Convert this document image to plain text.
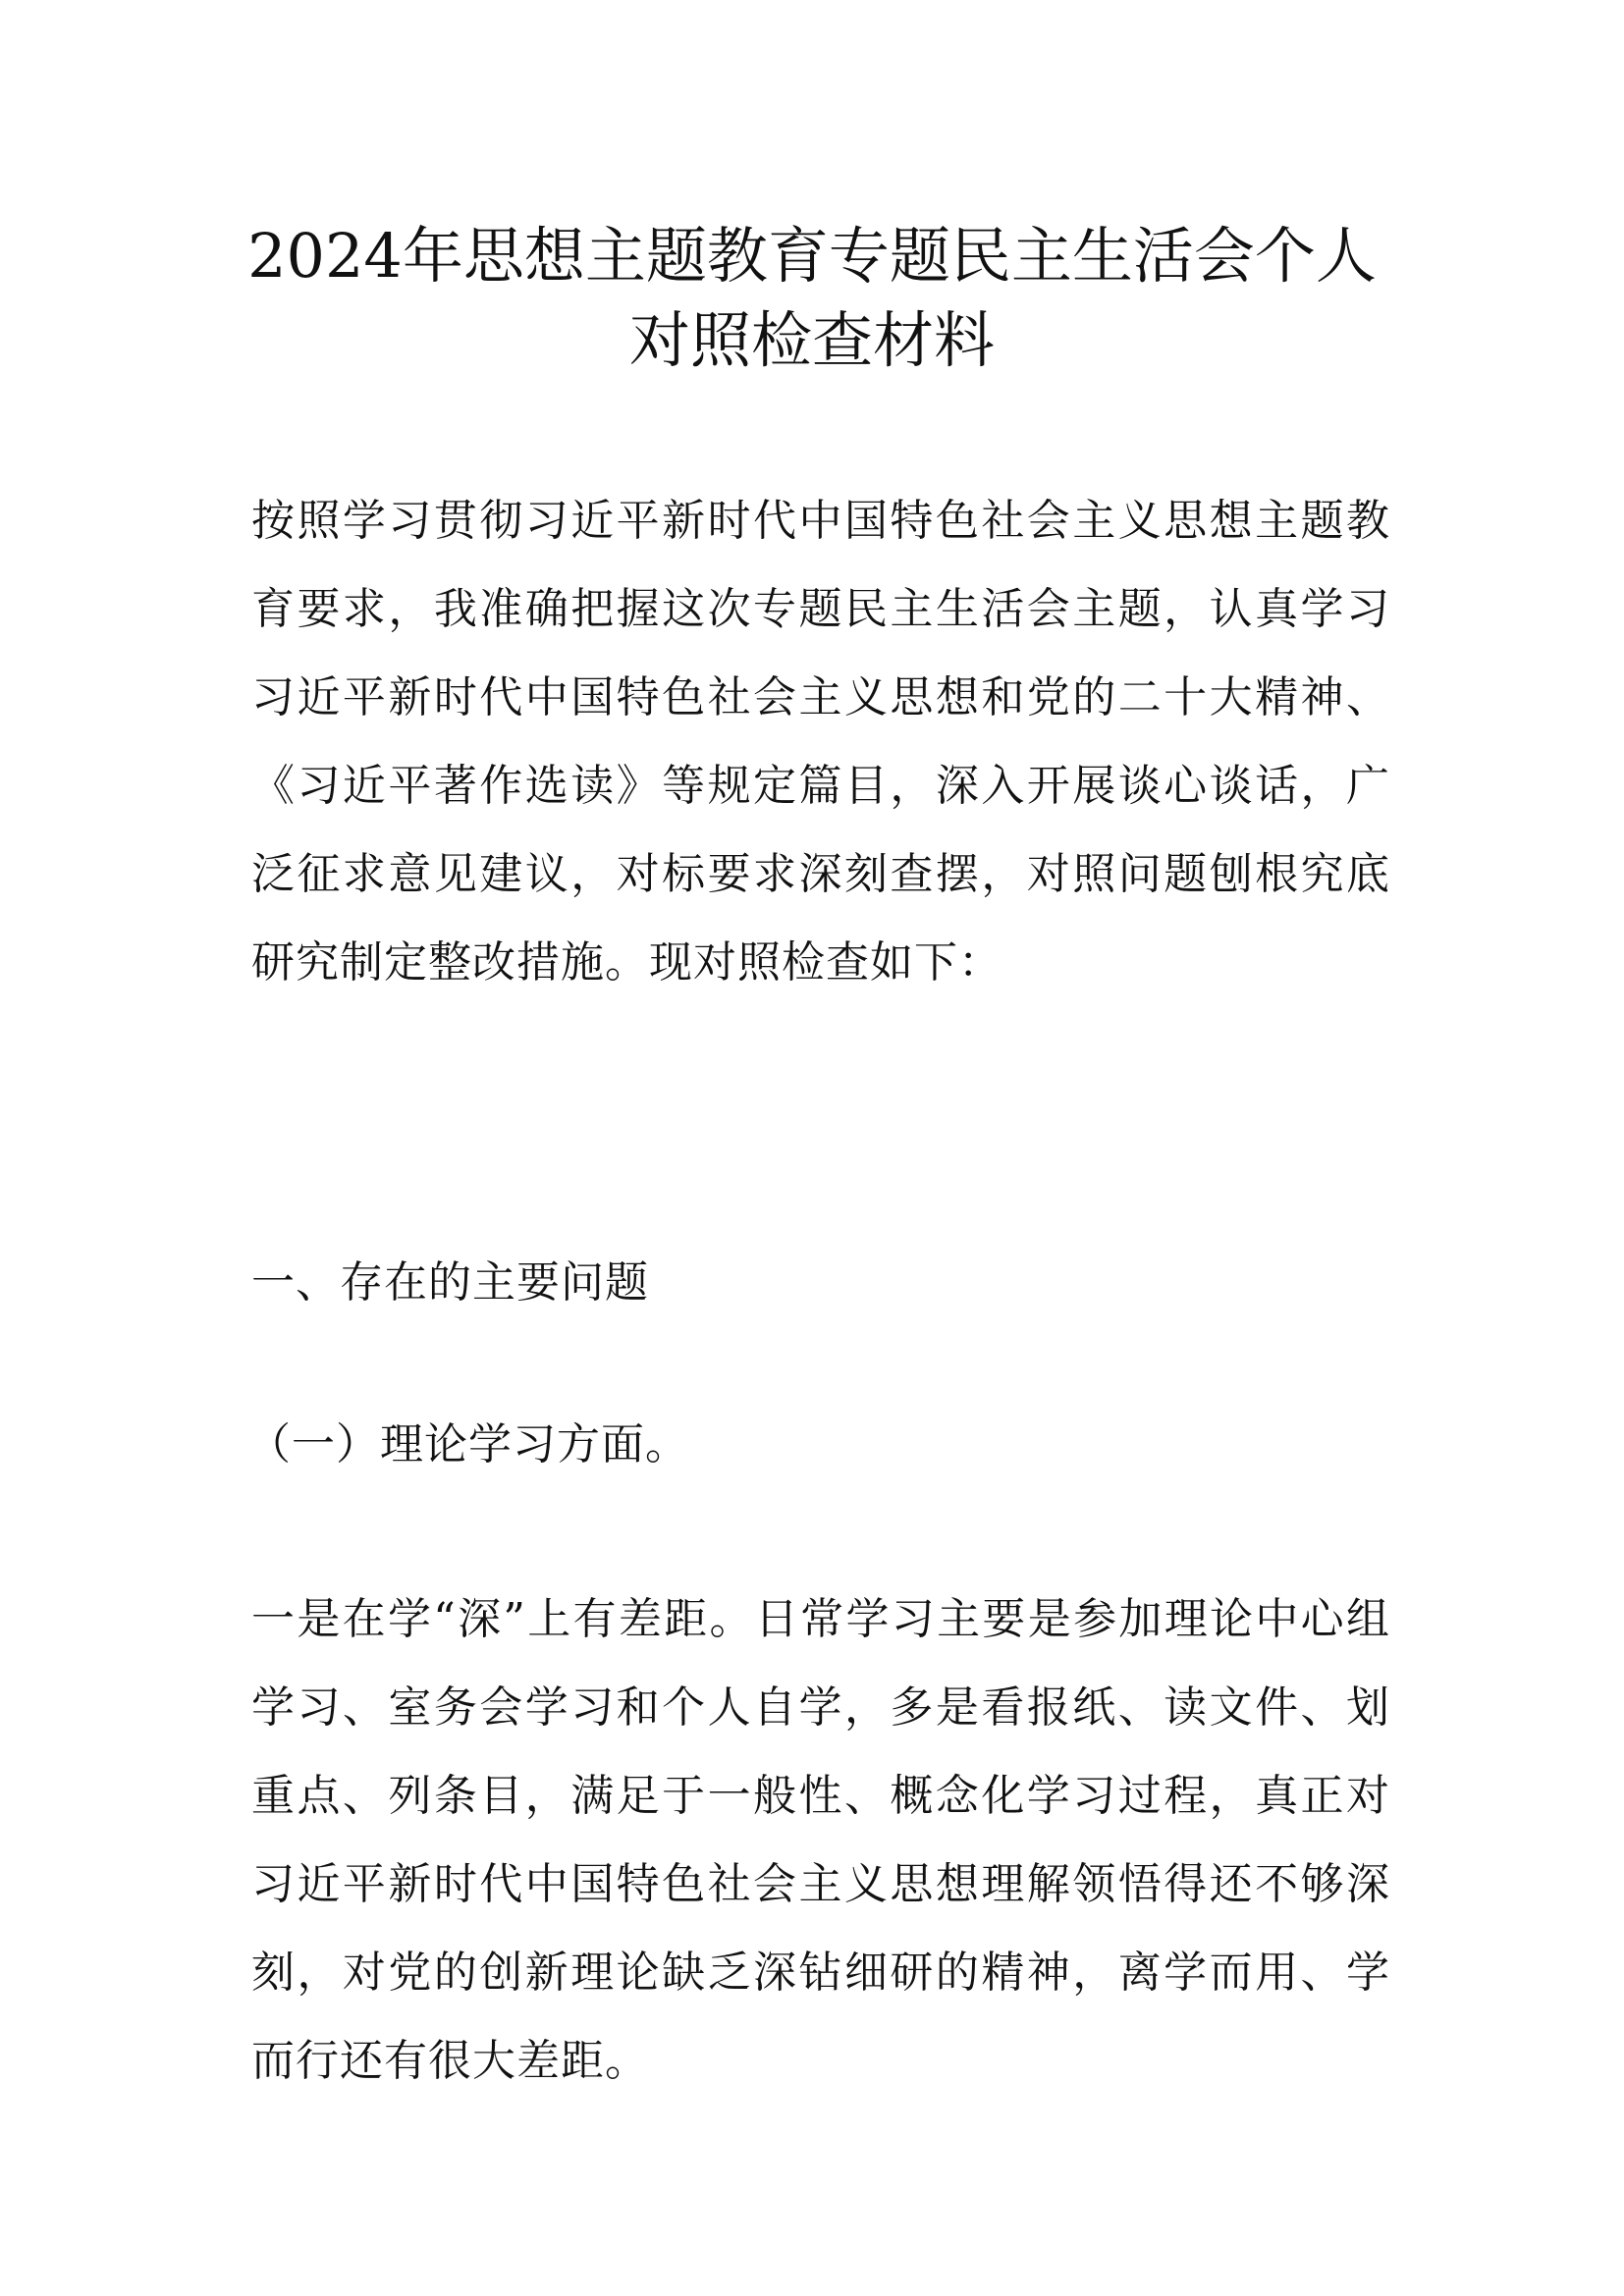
2024年思想主题教育专题民主生活会个人对照检查材料

按照学习贯彻习近平新时代中国特色社会主义思想主题教育要求，我准确把握这次专题民主生活会主题，认真学习习近平新时代中国特色社会主义思想和党的二十大精神、《习近平著作选读》等规定篇目，深入开展谈心谈话，广泛征求意见建议，对标要求深刻查摆，对照问题刨根究底研究制定整改措施。现对照检查如下：

一、存在的主要问题

（一）理论学习方面。

一是在学“深”上有差距。日常学习主要是参加理论中心组学习、室务会学习和个人自学，多是看报纸、读文件、划重点、列条目，满足于一般性、概念化学习过程，真正对习近平新时代中国特色社会主义思想理解领悟得还不够深刻，对党的创新理论缺乏深钻细研的精神，离学而用、学而行还有很大差距。
